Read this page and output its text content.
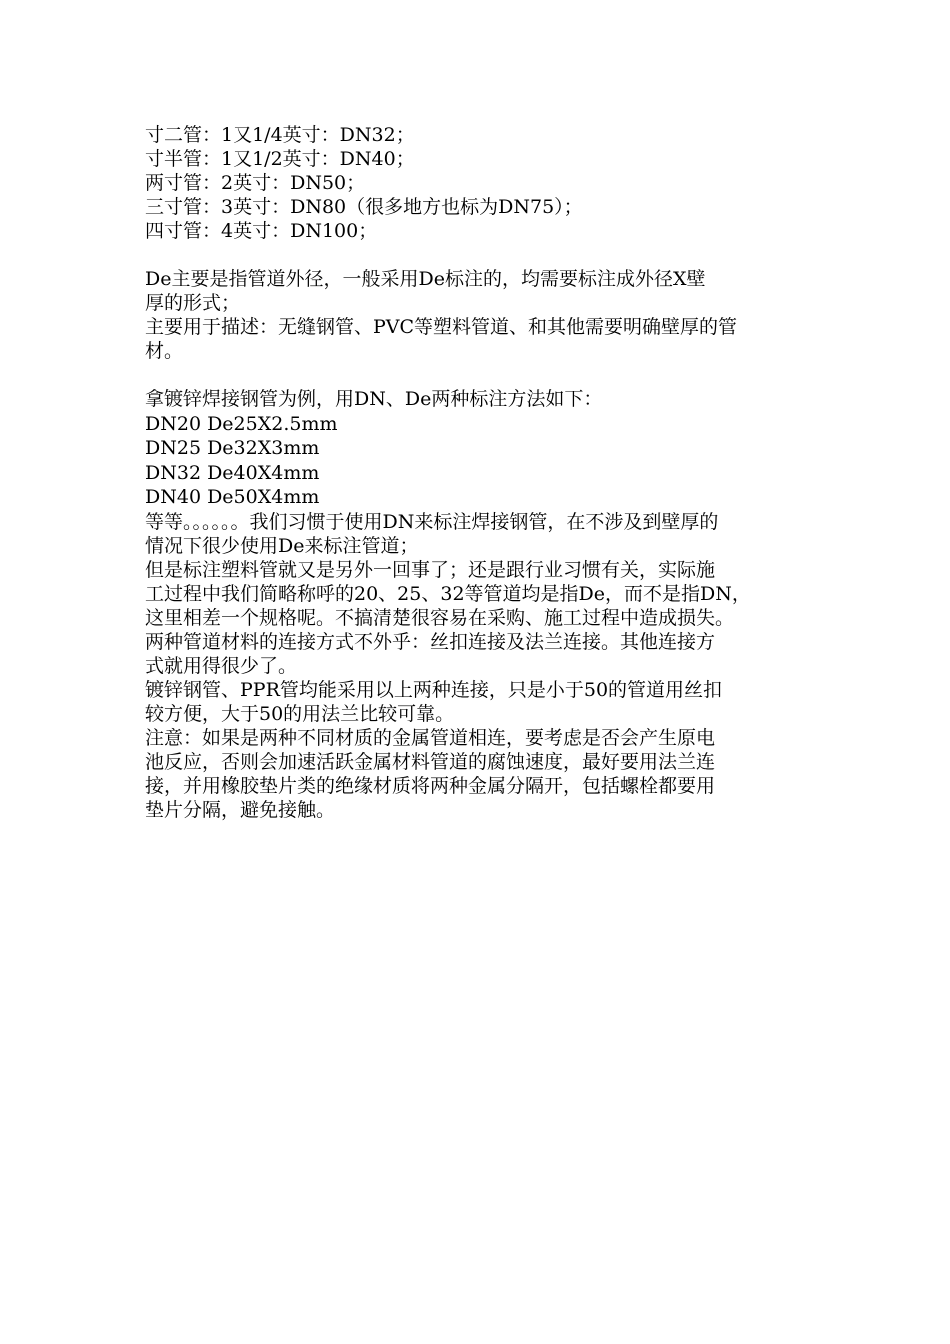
寸二管：1又1/4英寸：DN32；
寸半管：1又1/2英寸：DN40；
两寸管：2英寸：DN50；
三寸管：3英寸：DN80（很多地方也标为DN75）；
四寸管：4英寸：DN100；
De主要是指管道外径，一般采用De标注的，均需要标注成外径X壁
厚的形式；
主要用于描述：无缝钢管、PVC等塑料管道、和其他需要明确壁厚的管
材。
拿镀锌焊接钢管为例，用DN、De两种标注方法如下：
DN20 De25X2.5mm
DN25 De32X3mm
DN32 De40X4mm
DN40 De50X4mm
等等。。。。。。我们习惯于使用DN来标注焊接钢管，在不涉及到壁厚的
情况下很少使用De来标注管道；
但是标注塑料管就又是另外一回事了；还是跟行业习惯有关，实际施
工过程中我们简略称呼的20、25、32等管道均是指De，而不是指DN，
这里相差一个规格呢。不搞清楚很容易在采购、施工过程中造成损失。
两种管道材料的连接方式不外乎：丝扣连接及法兰连接。其他连接方
式就用得很少了。
镀锌钢管、PPR管均能采用以上两种连接，只是小于50的管道用丝扣
较方便，大于50的用法兰比较可靠。
注意：如果是两种不同材质的金属管道相连，要考虑是否会产生原电
池反应，否则会加速活跃金属材料管道的腐蚀速度，最好要用法兰连
接，并用橡胶垫片类的绝缘材质将两种金属分隔开，包括螺栓都要用
垫片分隔，避免接触。
